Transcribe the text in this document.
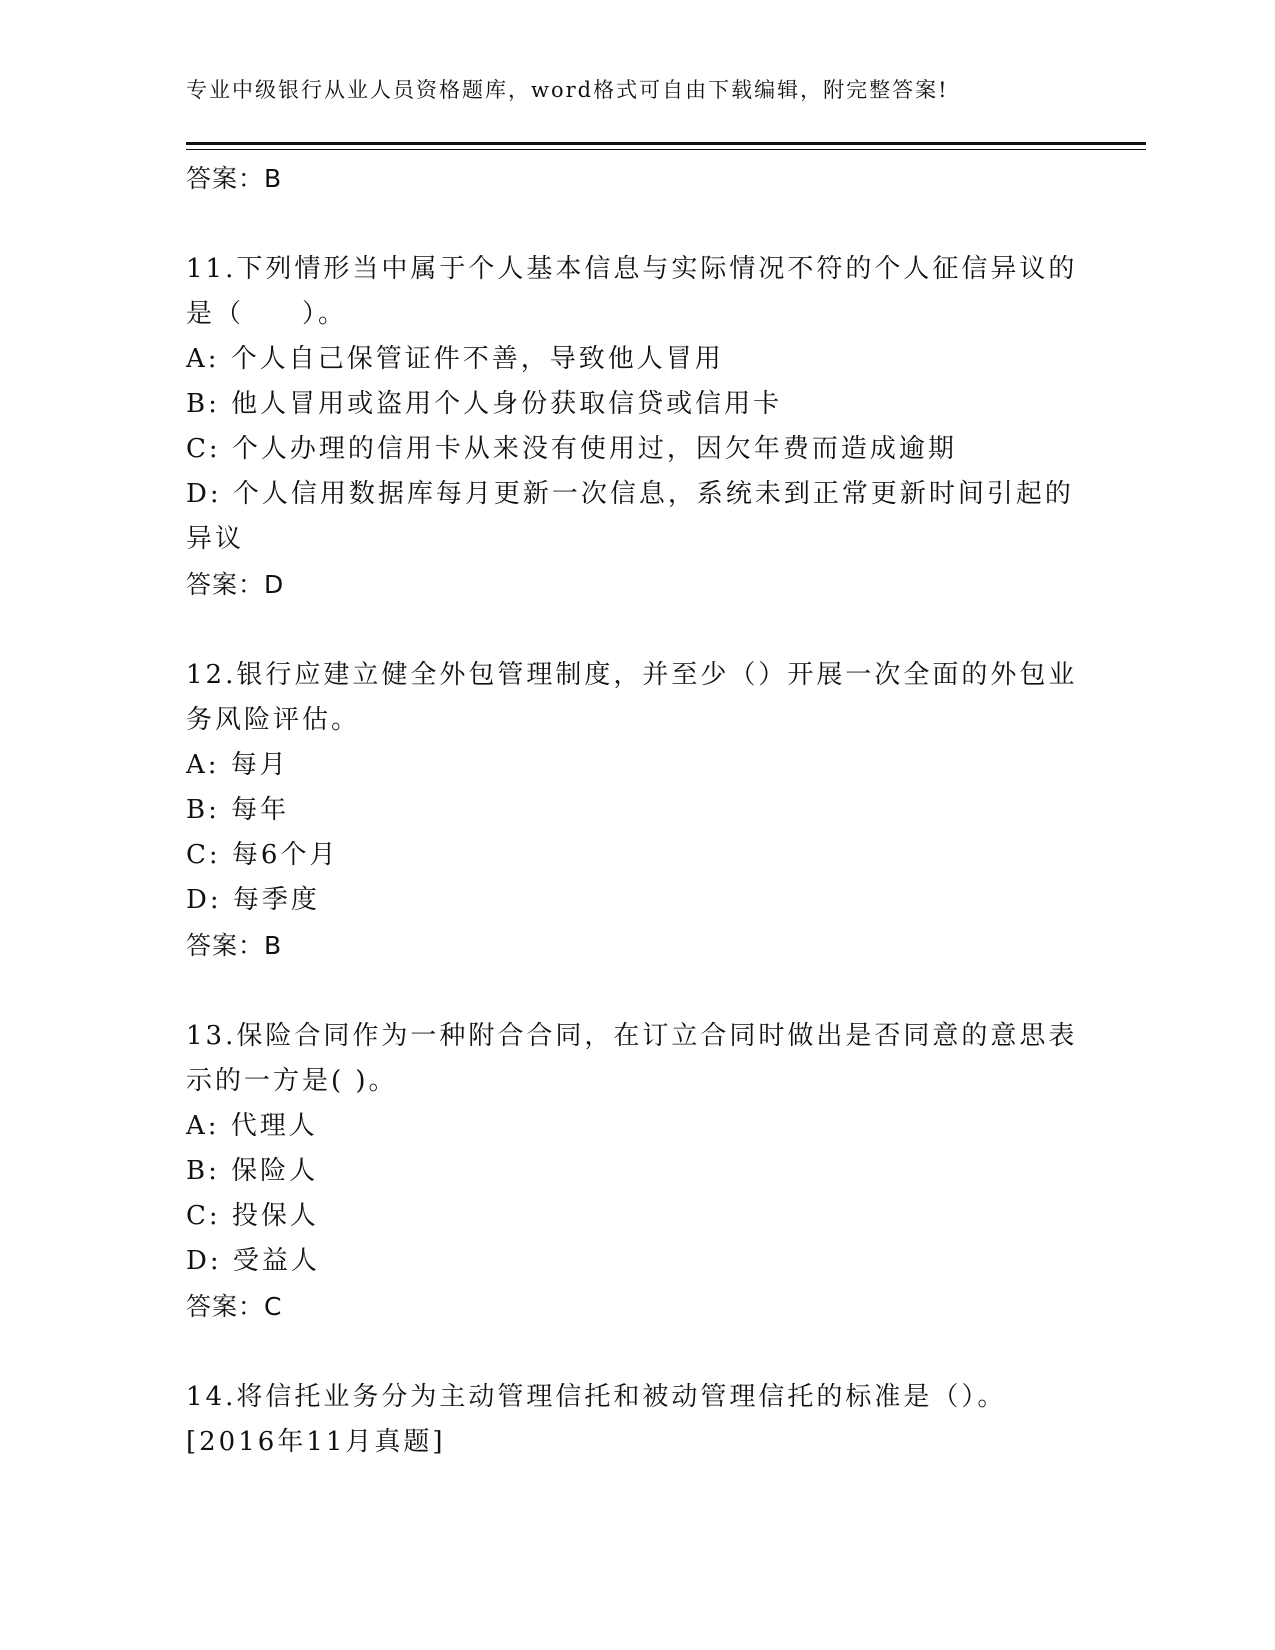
专业中级银行从业人员资格题库，word格式可自由下载编辑，附完整答案!
答案：B
11.下列情形当中属于个人基本信息与实际情况不符的个人征信异议的
是（　　）。
A: 个人自己保管证件不善，导致他人冒用
B: 他人冒用或盗用个人身份获取信贷或信用卡
C: 个人办理的信用卡从来没有使用过，因欠年费而造成逾期
D: 个人信用数据库每月更新一次信息，系统未到正常更新时间引起的
异议
答案：D
12.银行应建立健全外包管理制度，并至少（）开展一次全面的外包业
务风险评估。
A: 每月
B: 每年
C: 每6个月
D: 每季度
答案：B
13.保险合同作为一种附合合同，在订立合同时做出是否同意的意思表
示的一方是( )。
A: 代理人
B: 保险人
C: 投保人
D: 受益人
答案：C
14.将信托业务分为主动管理信托和被动管理信托的标准是（）。
[2016年11月真题]
